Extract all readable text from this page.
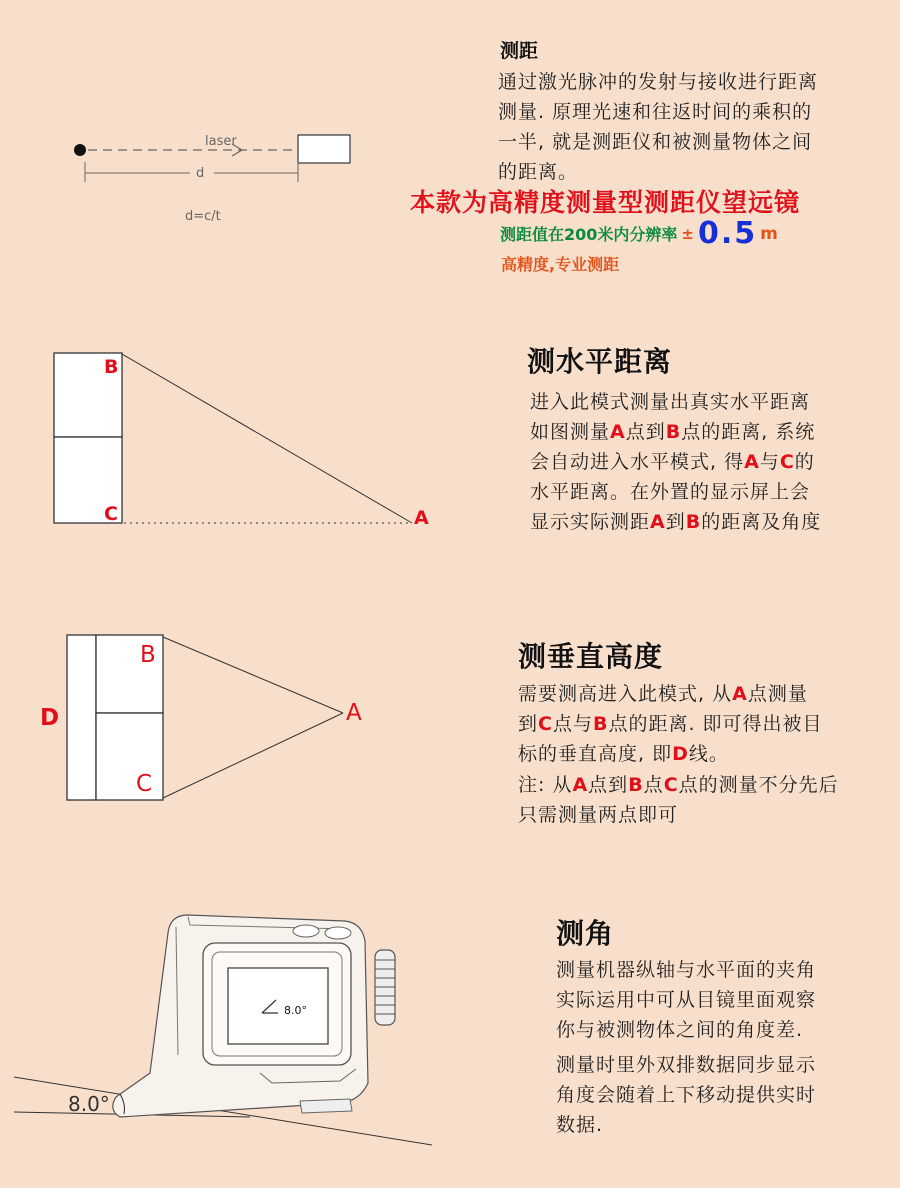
laser
d
d=c/t
测距
通过激光脉冲的发射与接收进行距离
测量. 原理光速和往返时间的乘积的
一半, 就是测距仪和被测量物体之间
的距离。
本款为高精度测量型测距仪望远镜
测距值在200米内分辨率 ± 0.5 m
高精度,专业测距
B
C	A
测水平距离
进入此模式测量出真实水平距离
如图测量A点到B点的距离, 系统
会自动进入水平模式, 得A与C的
水平距离。在外置的显示屏上会
显示实际测距A到B的距离及角度
B
C
A
D
测垂直高度
需要测高进入此模式, 从A点测量
到C点与B点的距离. 即可得出被目
标的垂直高度, 即D线。
注: 从A点到B点C点的测量不分先后
只需测量两点即可
8.0°
8.0°
测角
测量机器纵轴与水平面的夹角
实际运用中可从目镜里面观察
你与被测物体之间的角度差.
测量时里外双排数据同步显示
角度会随着上下移动提供实时
数据.
